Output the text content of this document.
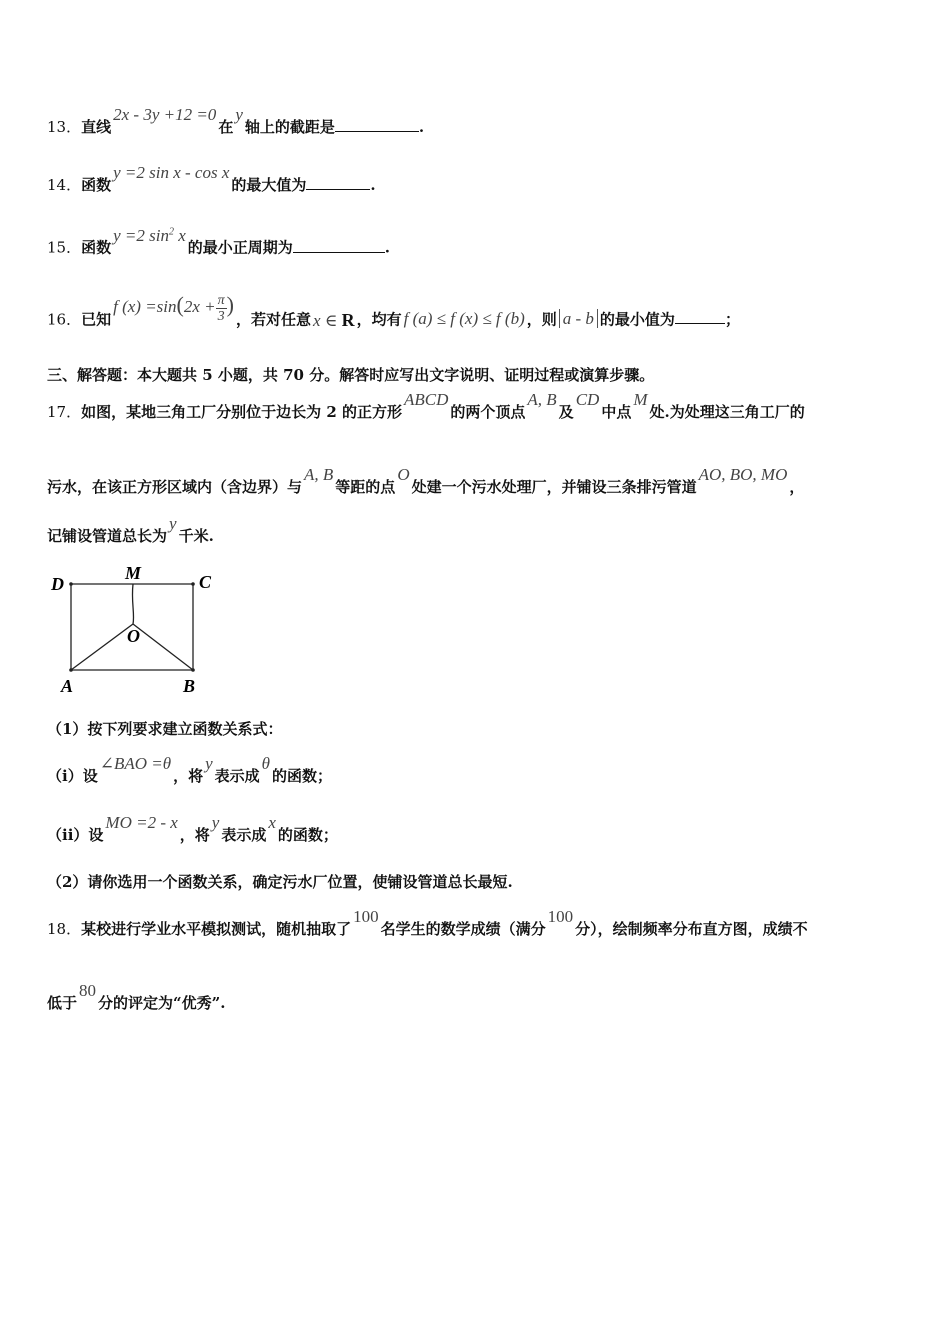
13．直线2x - 3y +12 =0在y轴上的截距是	.
14．函数y =2 sin x - cos x的最大值为	.
15．函数y =2 $\sin^2 x$的最小正周期为	.
16．已知f $(x) =\sin(2x + \frac{\pi}{3}$ )，若对任意 x ∈ R ，均有 f (a) ≤ f (x) ≤ f (b) ，则 a - b 的最小值为	；
三、解答题：本大题共 5 小题，共 70 分。解答时应写出文字说明、证明过程或演算步骤。
17．如图，某地三角工厂分别位于边长为 2 的正方形ABCD的两个顶点A, B及CD中点M处.为处理这三角工厂的
污水，在该正方形区域内（含边界）与A, B等距的点O处建一个污水处理厂，并铺设三条排污管道AO, BO, MO，
记铺设管道总长为y千米.
D
M	C
O
A	B
（1）按下列要求建立函数关系式：
（i）设∠BAO =θ，将y表示成θ的函数；
（ii）设MO =2 - x，将y表示成x的函数；
（2）请你选用一个函数关系，确定污水厂位置，使铺设管道总长最短.
18．某校进行学业水平模拟测试，随机抽取了100名学生的数学成绩（满分100分），绘制频率分布直方图，成绩不
低于80分的评定为“优秀”.
